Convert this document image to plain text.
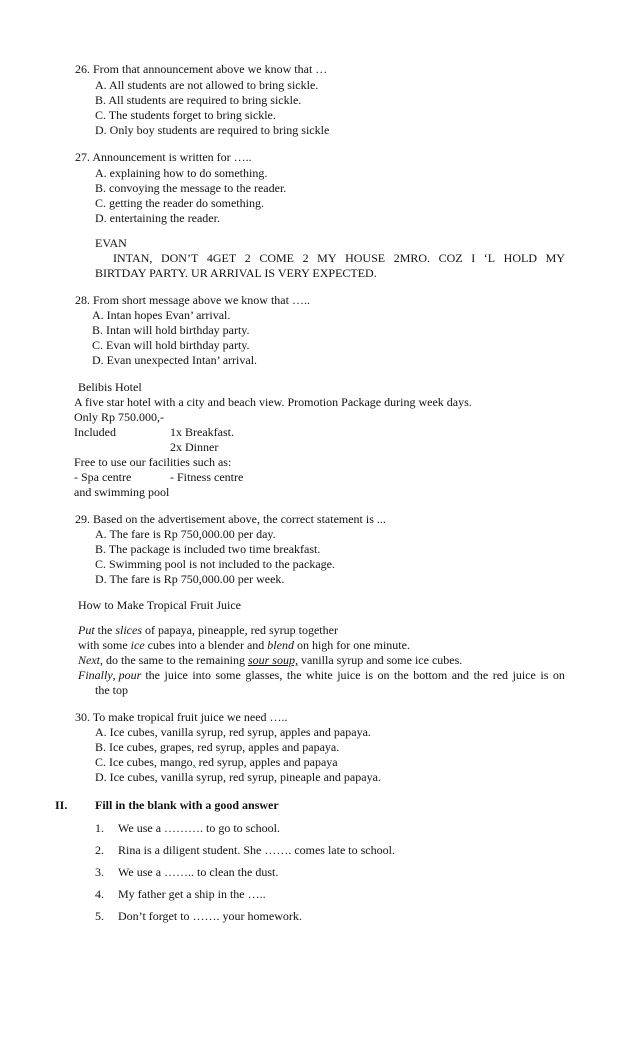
26. From that announcement above we know that …
A. All students are not allowed to bring sickle.
B. All students are required to bring sickle.
C. The students forget to bring sickle.
D. Only boy students are required to bring sickle
27. Announcement is written for …..
A. explaining how to do something.
B. convoying the message to the reader.
C. getting the reader do something.
D. entertaining the reader.
EVAN
INTAN, DON’T 4GET 2 COME 2 MY HOUSE 2MRO. COZ I ‘L HOLD MY
BIRTDAY PARTY. UR ARRIVAL IS VERY EXPECTED.
28. From short message above we know that …..
A. Intan hopes Evan’ arrival.
B. Intan will hold birthday party.
C. Evan will hold birthday party.
D. Evan unexpected Intan’ arrival.
Belibis Hotel
A five star hotel with a city and beach view. Promotion Package during week days.
Only Rp 750.000,-
Included	1x Breakfast.
2x Dinner
Free to use our facilities such as:
- Spa centre	- Fitness centre
and swimming pool
29. Based on the advertisement above, the correct statement is ...
A. The fare is Rp 750,000.00 per day.
B. The package is included two time breakfast.
C. Swimming pool is not included to the package.
D. The fare is Rp 750,000.00 per week.
How to Make Tropical Fruit Juice
Put the slices of papaya, pineapple, red syrup together
with some ice cubes into a blender and blend on high for one minute.
Next, do the same to the remaining sour soup, vanilla syrup and some ice cubes.
Finally , pour the juice into some glasses, the white juice is on the bottom and the red juice is on
the top
30. To make tropical fruit juice we need …..
A. Ice cubes, vanilla syrup, red syrup, apples and papaya.
B. Ice cubes, grapes, red syrup, apples and papaya.
C. Ice cubes, mango, red syrup, apples and papaya
D. Ice cubes, vanilla syrup, red syrup, pineaple and papaya.
II. Fill in the blank with a good answer
1. We use a ………. to go to school.
2. Rina is a diligent student. She ……. comes late to school.
3. We use a …….. to clean the dust.
4. My father get a ship in the …..
5. Don’t forget to ……. your homework.
